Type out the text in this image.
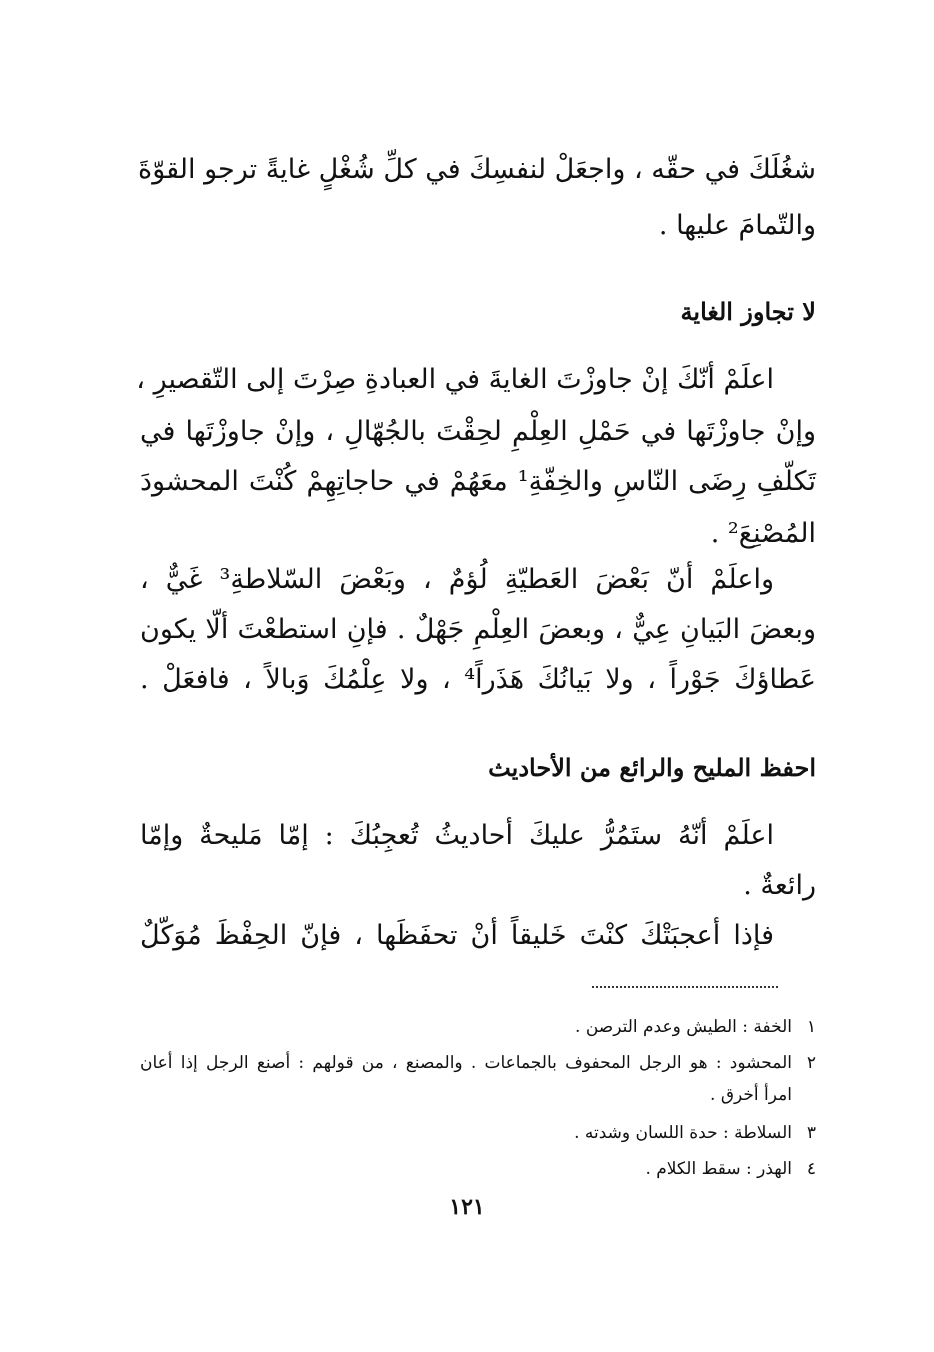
شغُلَكَ في حقّه ، واجعَلْ لنفسِكَ في كلِّ شُغْلٍ غايةً ترجو القوّةَ
والتّمامَ عليها .
لا تجاوز الغاية
اعلَمْ أنّكَ إنْ جاوزْتَ الغايةَ في العبادةِ صِرْتَ إلى التّقصيرِ ،
وإنْ جاوزْتَها في حَمْلِ العِلْمِ لحِقْتَ بالجُهّالِ ، وإنْ جاوزْتَها في
تَكلّفِ رِضَى النّاسِ والخِفّةِ¹ معَهُمْ في حاجاتِهِمْ كُنْتَ المحشودَ
المُصْنِعَ² .
واعلَمْ أنّ بَعْضَ العَطيّةِ لُؤمٌ ، وبَعْضَ السّلاطةِ³ غَيٌّ ،
وبعضَ البَيانِ عِيٌّ ، وبعضَ العِلْمِ جَهْلٌ . فإنِ استطعْتَ ألّا يكون
عَطاؤكَ جَوْراً ، ولا بَيانُكَ هَذَراً⁴ ، ولا عِلْمُكَ وَبالاً ، فافعَلْ .
احفظ المليح والرائع من الأحاديث
اعلَمْ أنّهُ ستَمُرُّ عليكَ أحاديثُ تُعجِبُكَ : إمّا مَليحةٌ وإمّا
رائعةٌ .
فإذا أعجبَتْكَ كنْتَ خَليقاً أنْ تحفَظَها ، فإنّ الحِفْظَ مُوَكّلٌ
١الخفة : الطيش وعدم الترصن .
٢المحشود : هو الرجل المحفوف بالجماعات . والمصنع ، من قولهم : أصنع الرجل إذا أعان
امرأ أخرق .
٣السلاطة : حدة اللسان وشدته .
٤الهذر : سقط الكلام .
١٢١
